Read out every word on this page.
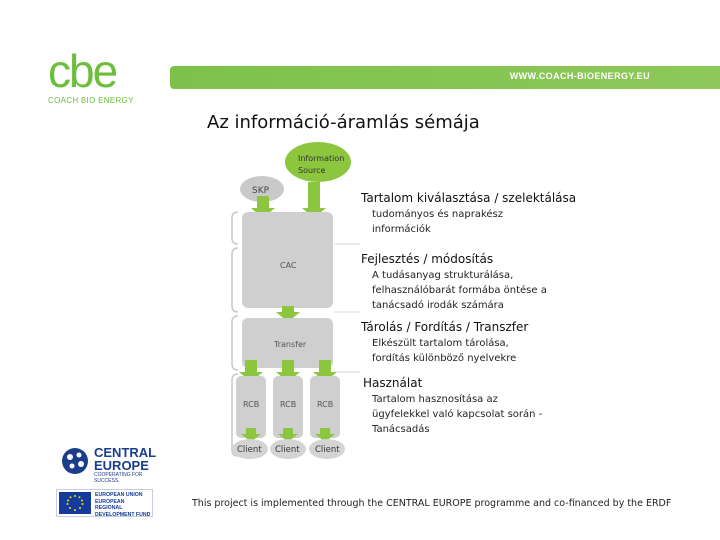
cbe
COACH BIO ENERGY
WWW.COACH-BIOENERGY.EU
Az információ-áramlás sémája
Information
Source
SKP
CAC
Transfer
RCB	RCB	RCB
Client Client Client
Tartalom kiválasztása / szelektálása
tudományos és naprakész
információk
Fejlesztés / módosítás
A tudásanyag strukturálása,
felhasználóbarát formába öntése a
tanácsadó irodák számára
Tárolás / Fordítás / Transzfer
Elkészült tartalom tárolása,
fordítás különböző nyelvekre
Használat
Tartalom hasznosítása az
ügyfelekkel való kapcsolat során -
Tanácsadás
CENTRAL
EUROPE
COOPERATING FOR SUCCESS.
EUROPEAN UNION
EUROPEAN REGIONAL
DEVELOPMENT FUND
This project is implemented through the CENTRAL EUROPE programme and co-financed by the ERDF
